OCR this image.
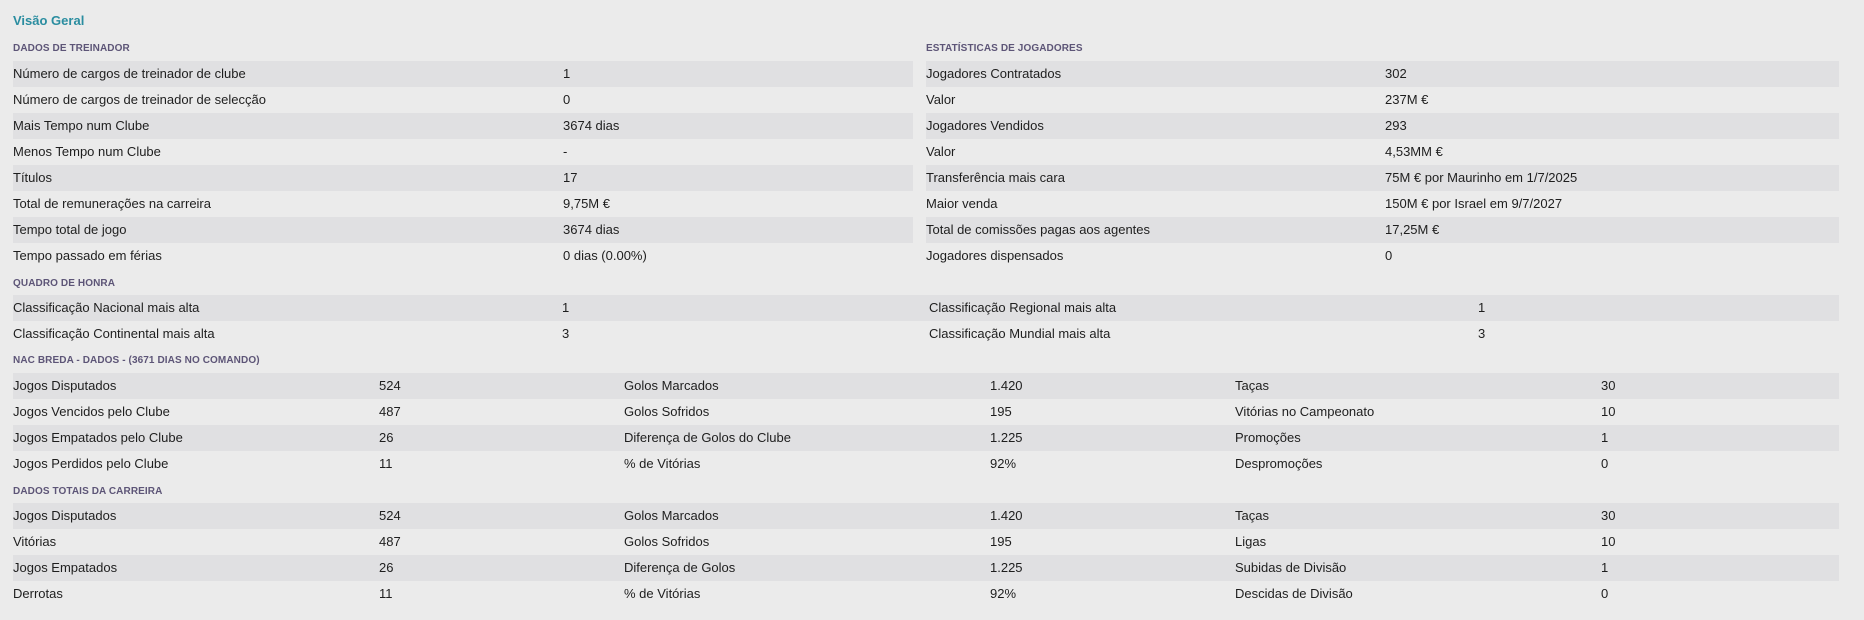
Visão Geral
DADOS DE TREINADOR
Número de cargos de treinador de clube	1
Número de cargos de treinador de selecção	0
Mais Tempo num Clube	3674 dias
Menos Tempo num Clube	-
Títulos	17
Total de remunerações na carreira	9,75M €
Tempo total de jogo	3674 dias
Tempo passado em férias	0 dias (0.00%)
ESTATÍSTICAS DE JOGADORES
Jogadores Contratados	302
Valor	237M €
Jogadores Vendidos	293
Valor	4,53MM €
Transferência mais cara	75M € por Maurinho em 1/7/2025
Maior venda	150M € por Israel em 9/7/2027
Total de comissões pagas aos agentes	17,25M €
Jogadores dispensados	0
QUADRO DE HONRA
Classificação Nacional mais alta	1	Classificação Regional mais alta	1
Classificação Continental mais alta	3	Classificação Mundial mais alta	3
NAC BREDA - DADOS - (3671 DIAS NO COMANDO)
Jogos Disputados	524	Golos Marcados	1.420	Taças	30
Jogos Vencidos pelo Clube	487	Golos Sofridos	195	Vitórias no Campeonato	10
Jogos Empatados pelo Clube	26	Diferença de Golos do Clube	1.225	Promoções	1
Jogos Perdidos pelo Clube	11	% de Vitórias	92%	Despromoções	0
DADOS TOTAIS DA CARREIRA
Jogos Disputados	524	Golos Marcados	1.420	Taças	30
Vitórias	487	Golos Sofridos	195	Ligas	10
Jogos Empatados	26	Diferença de Golos	1.225	Subidas de Divisão	1
Derrotas	11	% de Vitórias	92%	Descidas de Divisão	0
